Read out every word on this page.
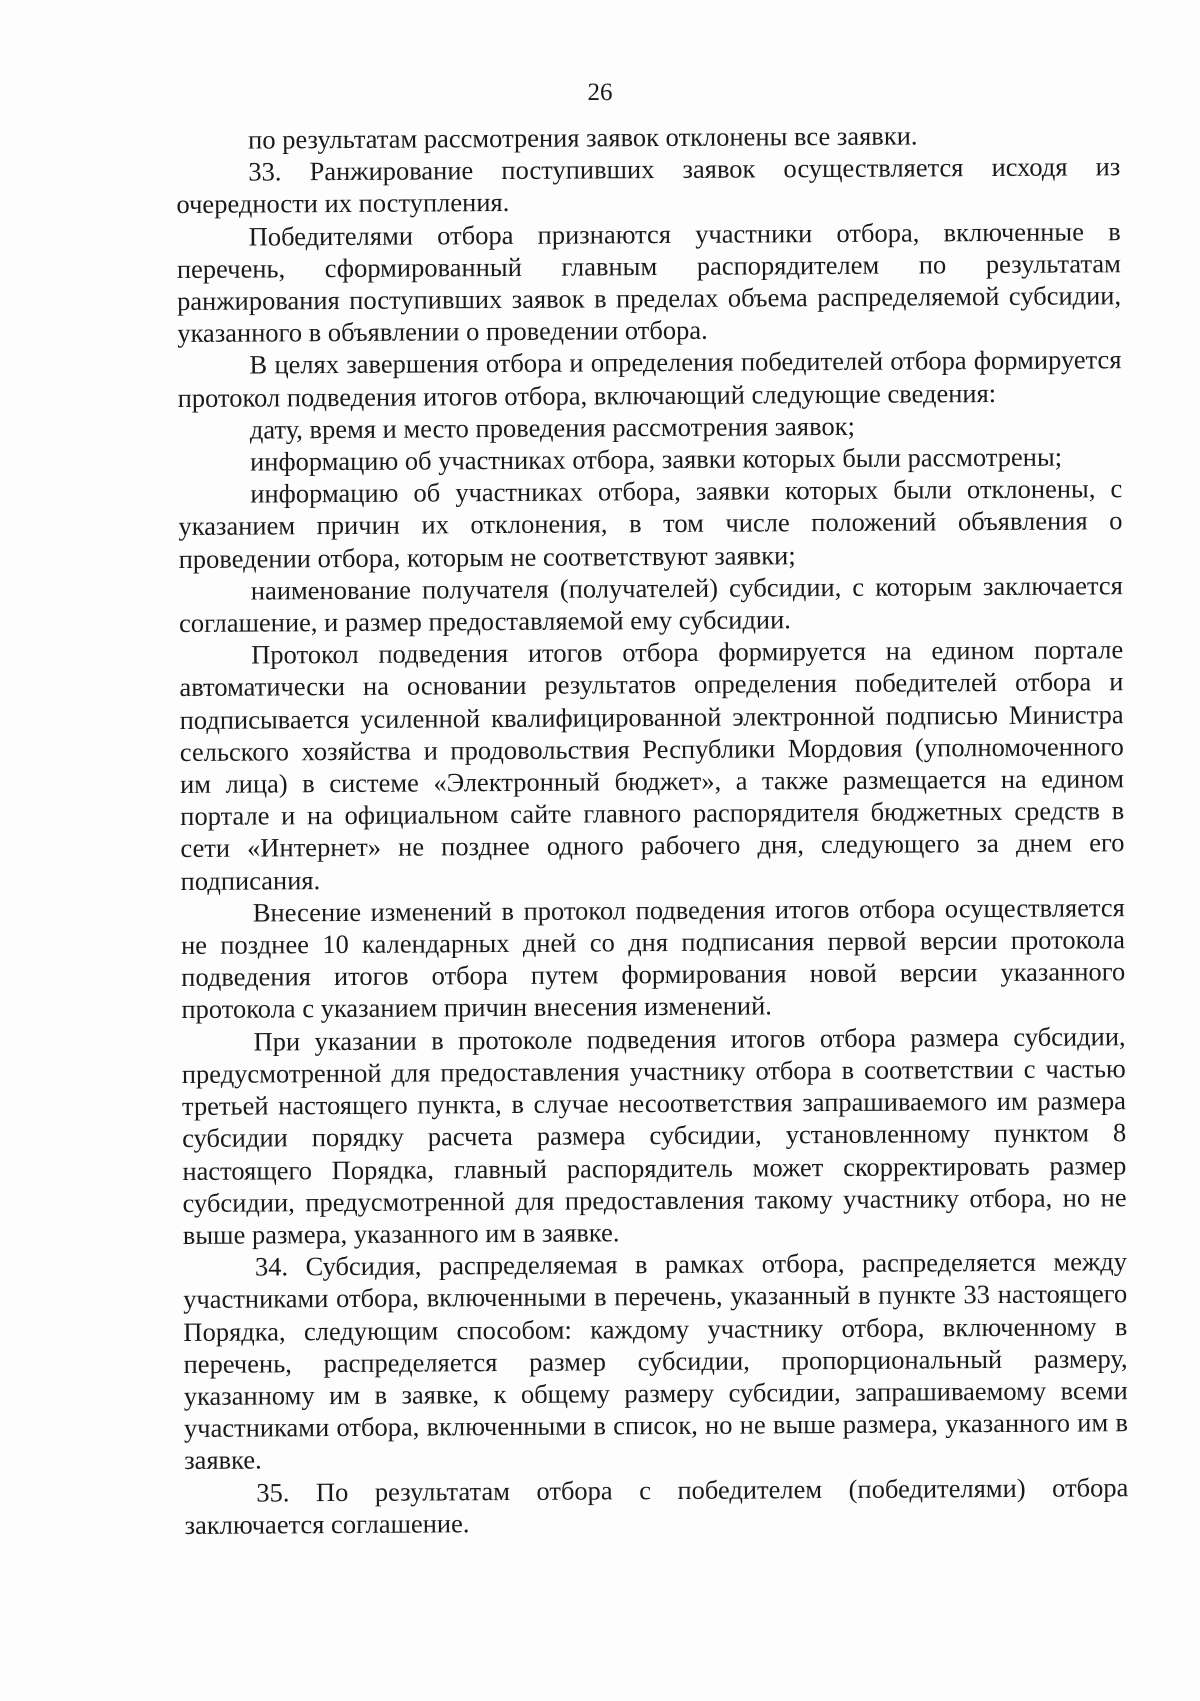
26

по результатам рассмотрения заявок отклонены все заявки.

33. Ранжирование поступивших заявок осуществляется исходя из очередности их поступления.

Победителями отбора признаются участники отбора, включенные в перечень, сформированный главным распорядителем по результатам ранжирования поступивших заявок в пределах объема распределяемой субсидии, указанного в объявлении о проведении отбора.

В целях завершения отбора и определения победителей отбора формируется протокол подведения итогов отбора, включающий следующие сведения:

дату, время и место проведения рассмотрения заявок;

информацию об участниках отбора, заявки которых были рассмотрены;

информацию об участниках отбора, заявки которых были отклонены, с указанием причин их отклонения, в том числе положений объявления о проведении отбора, которым не соответствуют заявки;

наименование получателя (получателей) субсидии, с которым заключается соглашение, и размер предоставляемой ему субсидии.

Протокол подведения итогов отбора формируется на едином портале автоматически на основании результатов определения победителей отбора и подписывается усиленной квалифицированной электронной подписью Министра сельского хозяйства и продовольствия Республики Мордовия (уполномоченного им лица) в системе «Электронный бюджет», а также размещается на едином портале и на официальном сайте главного распорядителя бюджетных средств в сети «Интернет» не позднее одного рабочего дня, следующего за днем его подписания.

Внесение изменений в протокол подведения итогов отбора осуществляется не позднее 10 календарных дней со дня подписания первой версии протокола подведения итогов отбора путем формирования новой версии указанного протокола с указанием причин внесения изменений.

При указании в протоколе подведения итогов отбора размера субсидии, предусмотренной для предоставления участнику отбора в соответствии с частью третьей настоящего пункта, в случае несоответствия запрашиваемого им размера субсидии порядку расчета размера субсидии, установленному пунктом 8 настоящего Порядка, главный распорядитель может скорректировать размер субсидии, предусмотренной для предоставления такому участнику отбора, но не выше размера, указанного им в заявке.

34. Субсидия, распределяемая в рамках отбора, распределяется между участниками отбора, включенными в перечень, указанный в пункте 33 настоящего Порядка, следующим способом: каждому участнику отбора, включенному в перечень, распределяется размер субсидии, пропорциональный размеру, указанному им в заявке, к общему размеру субсидии, запрашиваемому всеми участниками отбора, включенными в список, но не выше размера, указанного им в заявке.

35. По результатам отбора с победителем (победителями) отбора заключается соглашение.
